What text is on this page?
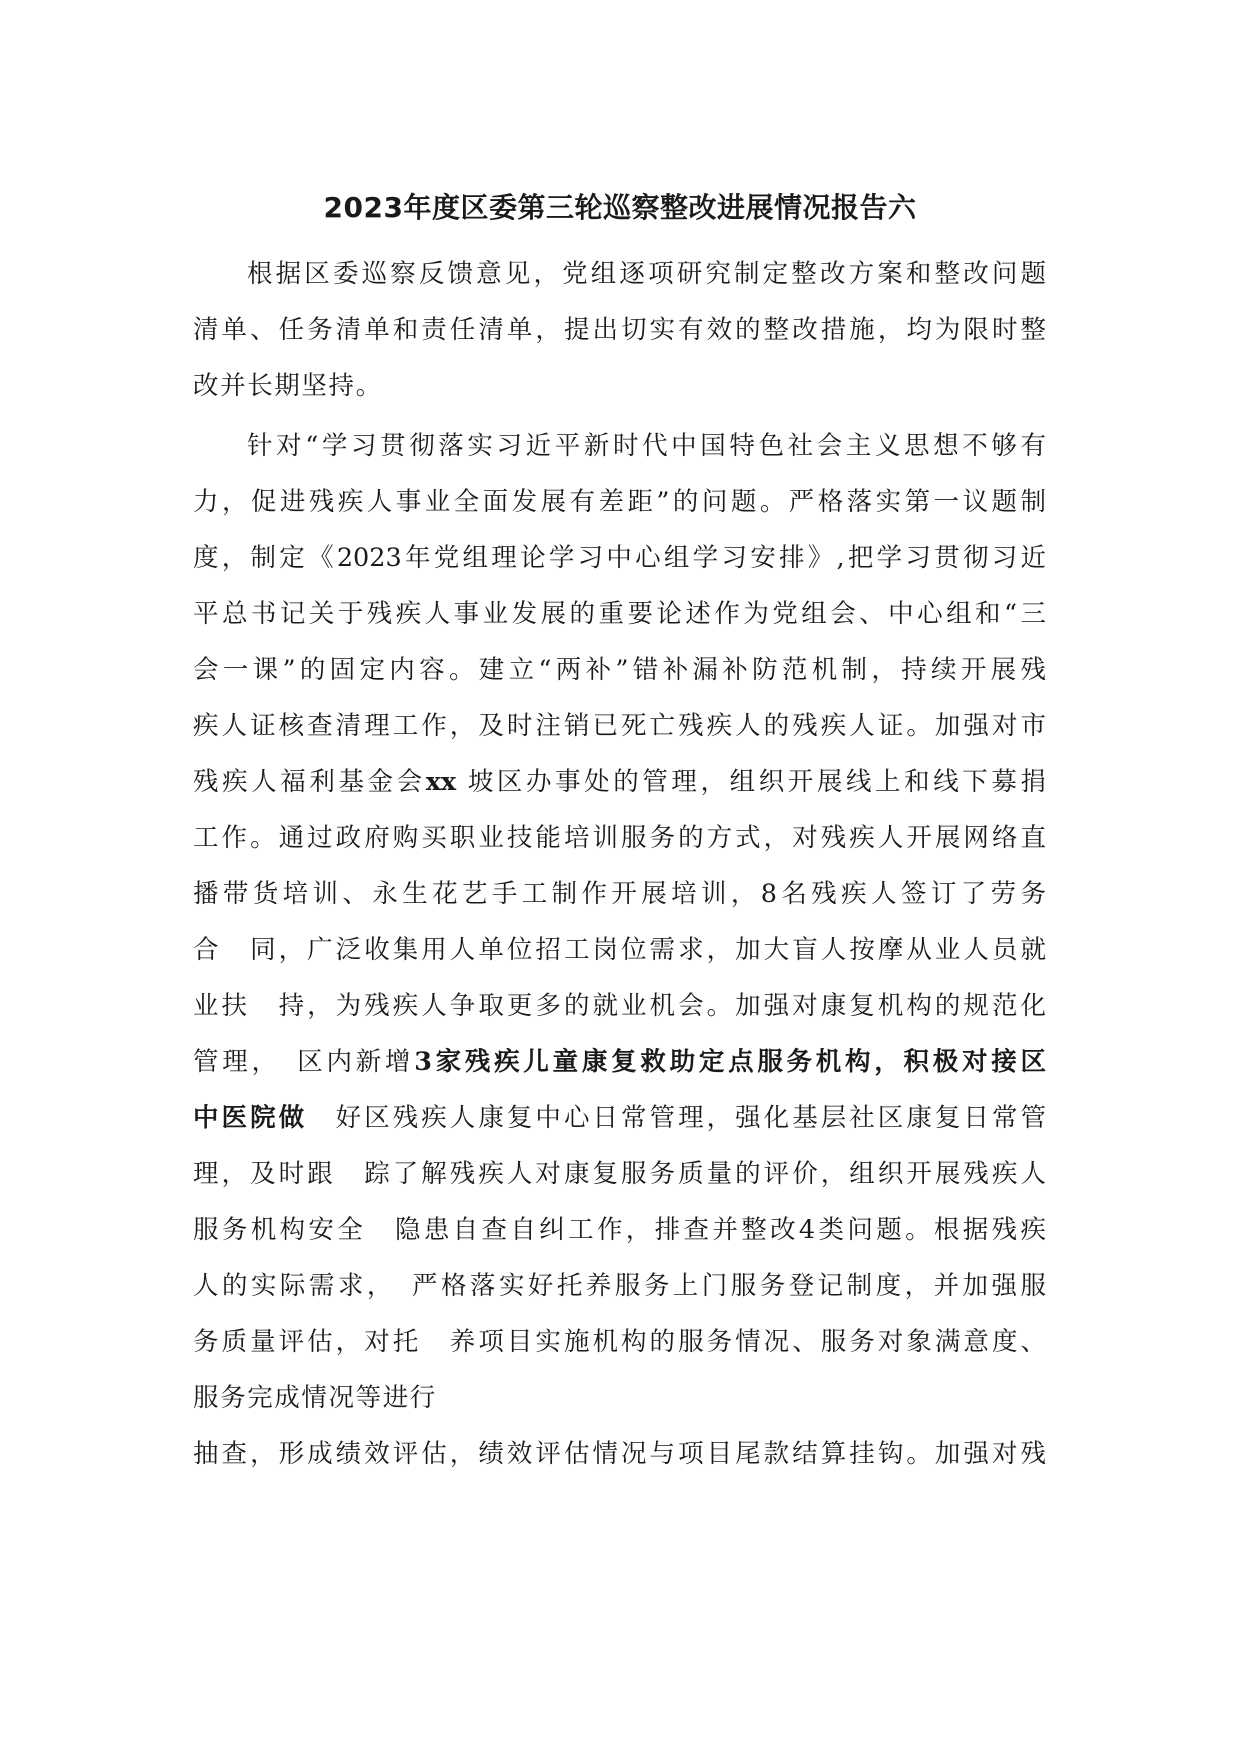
2023年度区委第三轮巡察整改进展情况报告六
根据区委巡察反馈意见，党组逐项研究制定整改方案和整改问题
清单、任务清单和责任清单，提出切实有效的整改措施，均为限时整
改并长期坚持。
针对“学习贯彻落实习近平新时代中国特色社会主义思想不够有
力，促进残疾人事业全面发展有差距”的问题。严格落实第一议题制
度，制定《2023年党组理论学习中心组学习安排》,把学习贯彻习近
平总书记关于残疾人事业发展的重要论述作为党组会、中心组和“三
会一课”的固定内容。建立“两补”错补漏补防范机制，持续开展残
疾人证核查清理工作，及时注销已死亡残疾人的残疾人证。加强对市
残疾人福利基金会xx 坡区办事处的管理，组织开展线上和线下募捐
工作。通过政府购买职业技能培训服务的方式，对残疾人开展网络直
播带货培训、永生花艺手工制作开展培训，8名残疾人签订了劳务
合　同，广泛收集用人单位招工岗位需求，加大盲人按摩从业人员就
业扶　持，为残疾人争取更多的就业机会。加强对康复机构的规范化
管理，　区内新增3家残疾儿童康复救助定点服务机构，积极对接区
中医院做　好区残疾人康复中心日常管理，强化基层社区康复日常管
理，及时跟　踪了解残疾人对康复服务质量的评价，组织开展残疾人
服务机构安全　隐患自查自纠工作，排查并整改4类问题。根据残疾
人的实际需求，　严格落实好托养服务上门服务登记制度，并加强服
务质量评估，对托　养项目实施机构的服务情况、服务对象满意度、
服务完成情况等进行
抽查，形成绩效评估，绩效评估情况与项目尾款结算挂钩。加强对残
